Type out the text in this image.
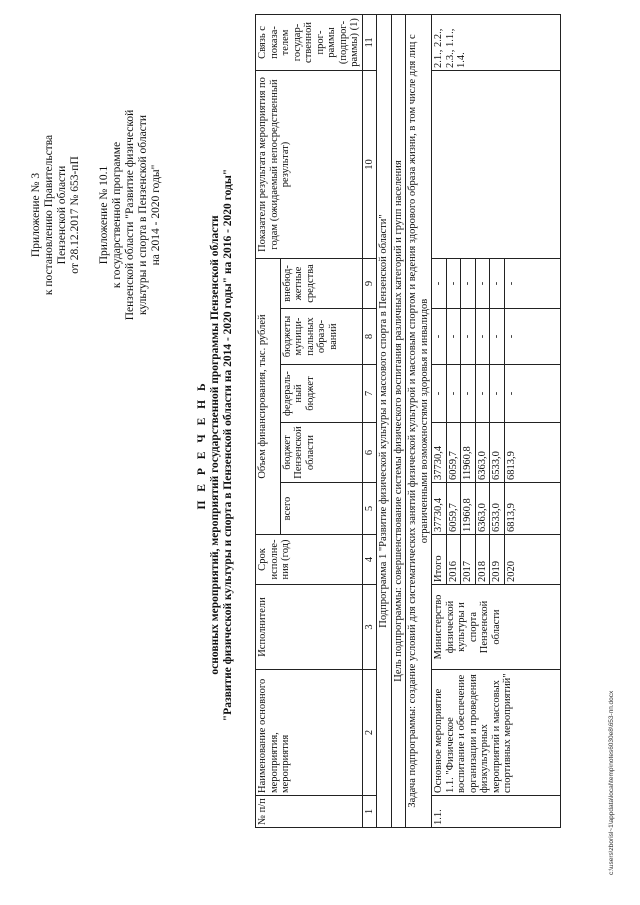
Приложение № 3 к постановлению Правительства Пензенской области от 28.12.2017 № 653-пП Приложение № 10.1 к государственной программе Пензенской области "Развитие физической культуры и спорта в Пензенской области на 2014 - 2020 годы"

П Е Р Е Ч Е Н Ь основных мероприятий, мероприятий государственной программы Пензенской области "Развитие физической культуры и спорта в Пензенской области на 2014 - 2020 годы" на 2016 - 2020 годы"

№ п/п	Наименование основного мероприятия, мероприятия	Исполнители	Срок исполне- ния (год)	Объем финансирования, тыс. рублей					Показатели результата мероприятия по годам (ожидаемый непосредственный результат)	Связь с показа- телем государ- ственной прог- раммы (подпрог- раммы) (1)
				всего	бюджет Пензенской области	федераль- ный бюджет	бюджеты муници- пальных образо- ваний	внебюд- жетные средства		
1	2	3	4	5	6	7	8	9	10	11
Подпрограмма 1 "Развитие физической культуры и массового спорта в Пензенской области"										
Цель подпрограммы: совершенствование системы физического воспитания различных категорий и групп населения										
Задача подпрограммы: создание условий для систематических занятий физической культурой и массовым спортом и ведения здорового образа жизни, в том числе для лиц с ограниченными возможностями здоровья и инвалидов										
1.1.	Основное мероприятие 1.1. "Физическое воспитание и обеспечение организации и проведения физкультурных мероприятий и массовых спортивных мероприятий"	Министерство физической культуры и спорта Пензенской области	Итого	37730,4	37730,4	-	-	-		2.1., 2.2., 2.3., 1.1., 1.4.
			2016	6059,7	6059,7	-	-	-		
			2017	11960,8	11960,8	-	-	-		
			2018	6363,0	6363,0	-	-	-		
			2019	6533,0	6533,0	-	-	-		
			2020	6813,9	6813,9	-	-	-		
c:\users\zborisl~1\appdata\local\temp\notes6030e8\653-пп.docx
